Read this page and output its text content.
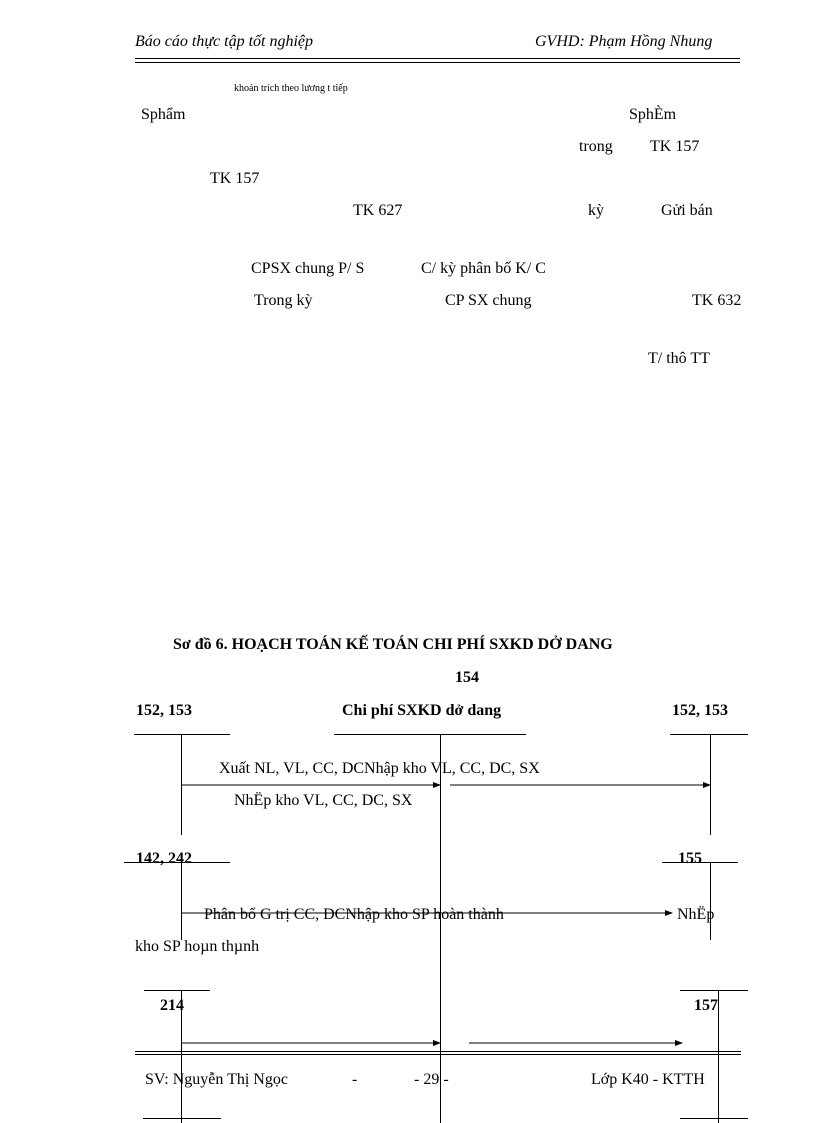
Báo cáo thực tập tốt nghiệp	GVHD: Phạm Hồng Nhung
khoản trích theo lương t tiếp
Sphẩm	SphÈm
trong TK 157
TK 157
TK 627	kỳ	Gửi bán
CPSX chung P/ S	C/ kỳ phân bố K/ C
Trong kỳ	CP SX chung	TK 632
T/ thô TT
Sơ đồ 6. HOẠCH TOÁN KẾ TOÁN CHI PHÍ SXKD DỞ DANG
154
152, 153	Chi phí SXKD dở dang	152, 153
Xuất NL, VL, CC, DCNhập kho VL, CC, DC, SX
NhËp kho VL, CC, DC, SX
142, 242	155
Phân bổ G trị CC, DCNhập kho SP hoàn thành	NhËp
kho SP hoµn thµnh
214	157
SV: Nguyễn Thị Ngọc	-	- 29 -	Lớp K40 - KTTH
